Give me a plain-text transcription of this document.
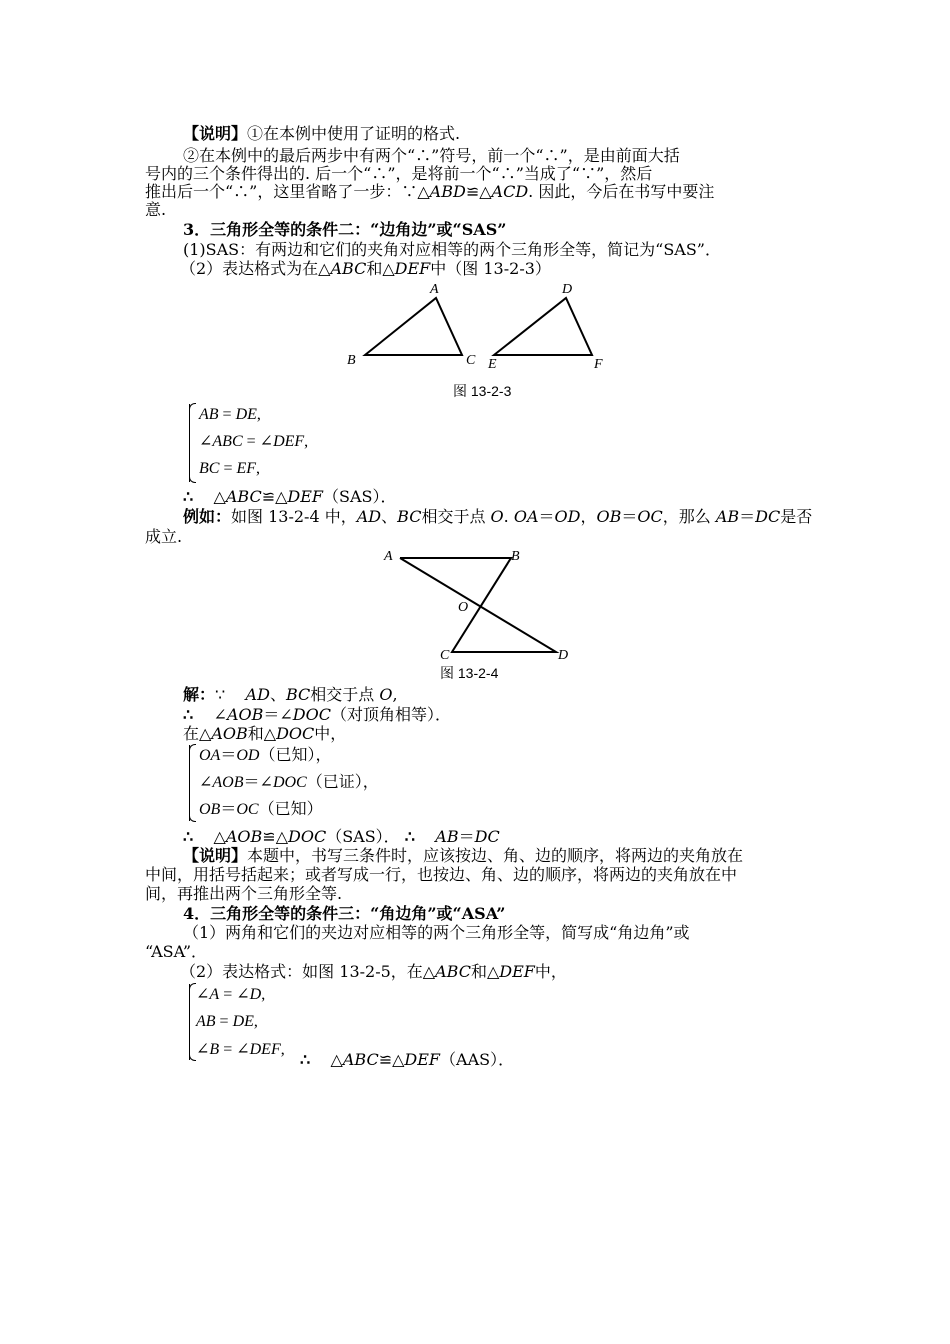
【说明】①在本例中使用了证明的格式.
②在本例中的最后两步中有两个“∴”符号，前一个“∴”，是由前面大括
号内的三个条件得出的. 后一个“∴”，是将前一个“∴”当成了“∵”，然后
推出后一个“∴”，这里省略了一步：∵△ABD≌△ACD. 因此，今后在书写中要注
意.
3．三角形全等的条件二：“边角边”或“SAS”
(1)SAS：有两边和它们的夹角对应相等的两个三角形全等，简记为“SAS”．
（2）表达格式为在△ABC和△DEF中（图 13-2-3）
A
B	C
D
E	F
图 13-2-3
AB = DE,
∠ABC = ∠DEF,
BC = EF,
∴ △ABC≌△DEF（SAS）．
例如：如图 13-2-4 中，AD、BC相交于点 O. OA＝OD，OB＝OC，那么 AB＝DC是否
成立.
A	B
O
C	D
图 13-2-4
解：∵ AD、BC相交于点 O,
∴ ∠AOB＝∠DOC（对顶角相等）．
在△AOB和△DOC中，
OA＝OD（已知），
∠AOB＝∠DOC（已证），
OB＝OC（已知）
∴ △AOB≌△DOC（SAS）． ∴ AB＝DC
【说明】本题中，书写三条件时，应该按边、角、边的顺序，将两边的夹角放在
中间，用括号括起来；或者写成一行，也按边、角、边的顺序，将两边的夹角放在中
间，再推出两个三角形全等.
4．三角形全等的条件三：“角边角”或“ASA”
（1）两角和它们的夹边对应相等的两个三角形全等，简写成“角边角”或
“ASA”．
（2）表达格式：如图 13-2-5，在△ABC和△DEF中，
∠A = ∠D,
AB = DE,
∠B = ∠DEF,
∴ △ABC≌△DEF（AAS）．
